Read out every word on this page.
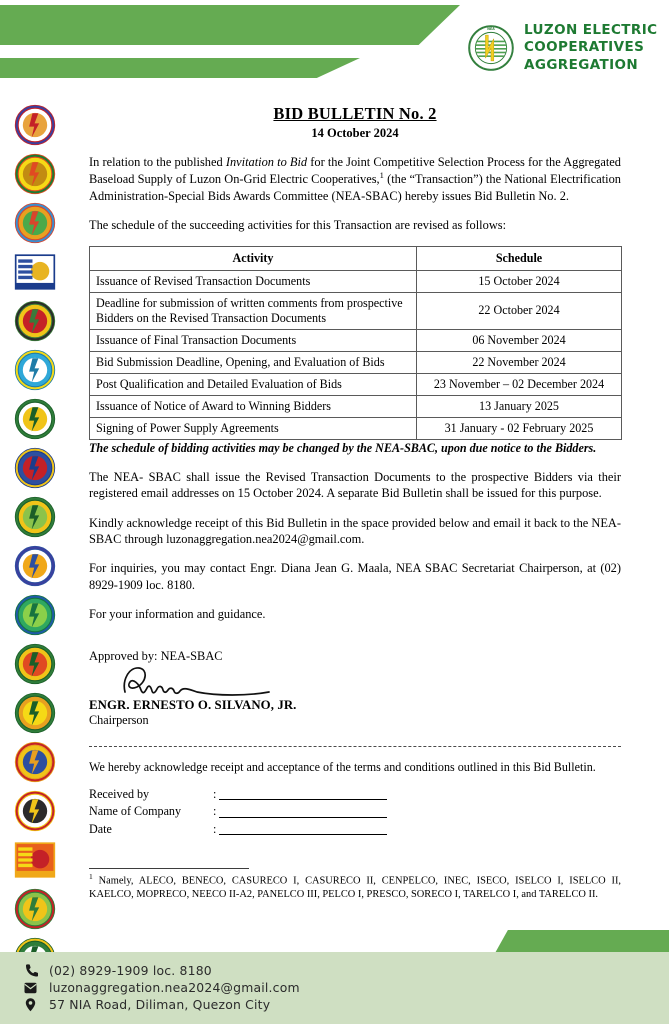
NEA LUZON ELECTRIC
COOPERATIVES
AGGREGATION
BID BULLETIN No. 2
14 October 2024

In relation to the published Invitation to Bid for the Joint Competitive Selection Process for the Aggregated Baseload Supply of Luzon On-Grid Electric Cooperatives,$^1$ (the “Transaction”) the National Electrification Administration-Special Bids Awards Committee (NEA-SBAC) hereby issues Bid Bulletin No. 2.

The schedule of the succeeding activities for this Transaction are revised as follows:

Activity	Schedule
Issuance of Revised Transaction Documents	15 October 2024
Deadline for submission of written comments from prospective Bidders on the Revised Transaction Documents	22 October 2024
Issuance of Final Transaction Documents	06 November 2024
Bid Submission Deadline, Opening, and Evaluation of Bids	22 November 2024
Post Qualification and Detailed Evaluation of Bids	23 November – 02 December 2024
Issuance of Notice of Award to Winning Bidders	13 January 2025
Signing of Power Supply Agreements	31 January - 02 February 2025
The schedule of bidding activities may be changed by the NEA-SBAC, upon due notice to the Bidders.

The NEA- SBAC shall issue the Revised Transaction Documents to the prospective Bidders via their registered email addresses on 15 October 2024. A separate Bid Bulletin shall be issued for this purpose.

Kindly acknowledge receipt of this Bid Bulletin in the space provided below and email it back to the NEA-SBAC through luzonaggregation.nea2024@gmail.com.

For inquiries, you may contact Engr. Diana Jean G. Maala, NEA SBAC Secretariat Chairperson, at (02) 8929-1909 loc. 8180.

For your information and guidance.

Approved by: NEA-SBAC
ENGR. ERNESTO O. SILVANO, JR.
Chairperson
We hereby acknowledge receipt and acceptance of the terms and conditions outlined in this Bid Bulletin.
Received by	:
Name of Company	:
Date	:
$^1$ Namely, ALECO, BENECO, CASURECO I, CASURECO II, CENPELCO, INEC, ISECO, ISELCO I, ISELCO II, KAELCO, MOPRECO, NEECO II-A2, PANELCO III, PELCO I, PRESCO, SORECO I, TARELCO I, and TARELCO II.
(02) 8929-1909 loc. 8180
luzonaggregation.nea2024@gmail.com
57 NIA Road, Diliman, Quezon City
